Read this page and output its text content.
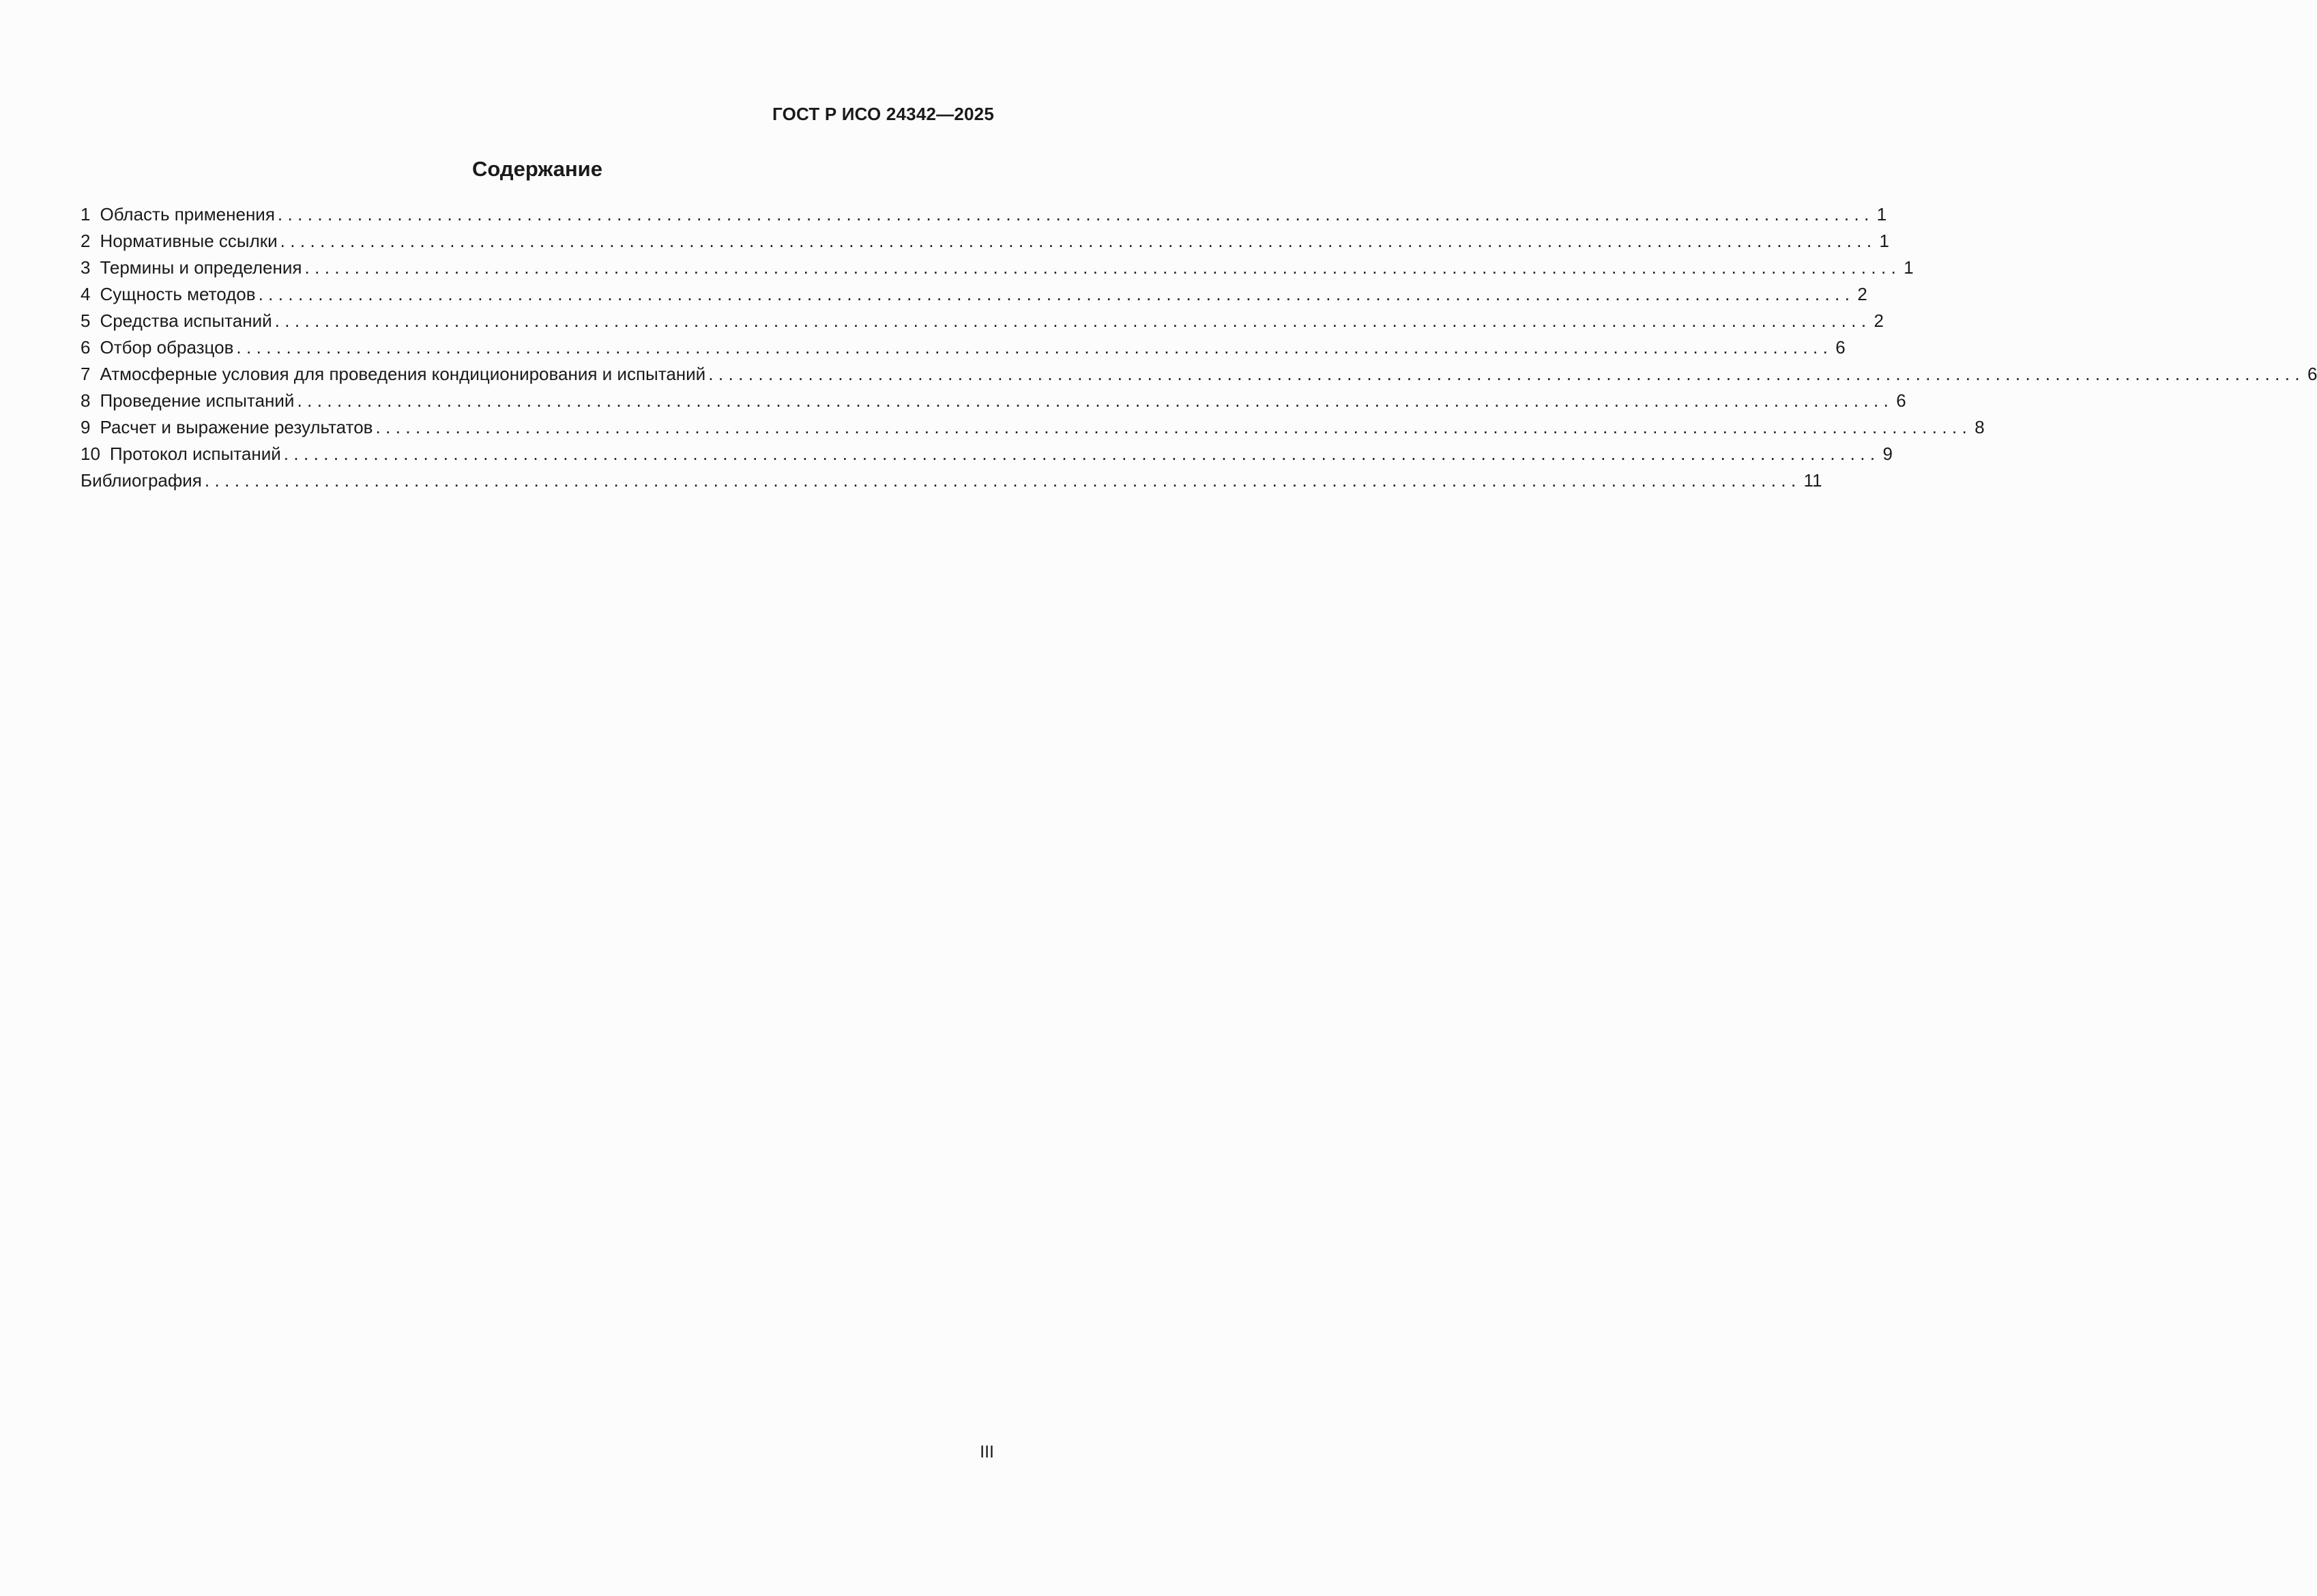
ГОСТ Р ИСО 24342—2025
Содержание
1 Область применения ................................................................................................................................................................ 1
2 Нормативные ссылки ................................................................................................................................................................ 1
3 Термины и определения ................................................................................................................................................................ 1
4 Сущность методов ................................................................................................................................................................ 2
5 Средства испытаний ................................................................................................................................................................ 2
6 Отбор образцов ................................................................................................................................................................ 6
7 Атмосферные условия для проведения кондиционирования и испытаний ................................................................................................................................................................ 6
8 Проведение испытаний ................................................................................................................................................................ 6
9 Расчет и выражение результатов ................................................................................................................................................................ 8
10 Протокол испытаний ................................................................................................................................................................ 9
Библиография ................................................................................................................................................................ 11
III
